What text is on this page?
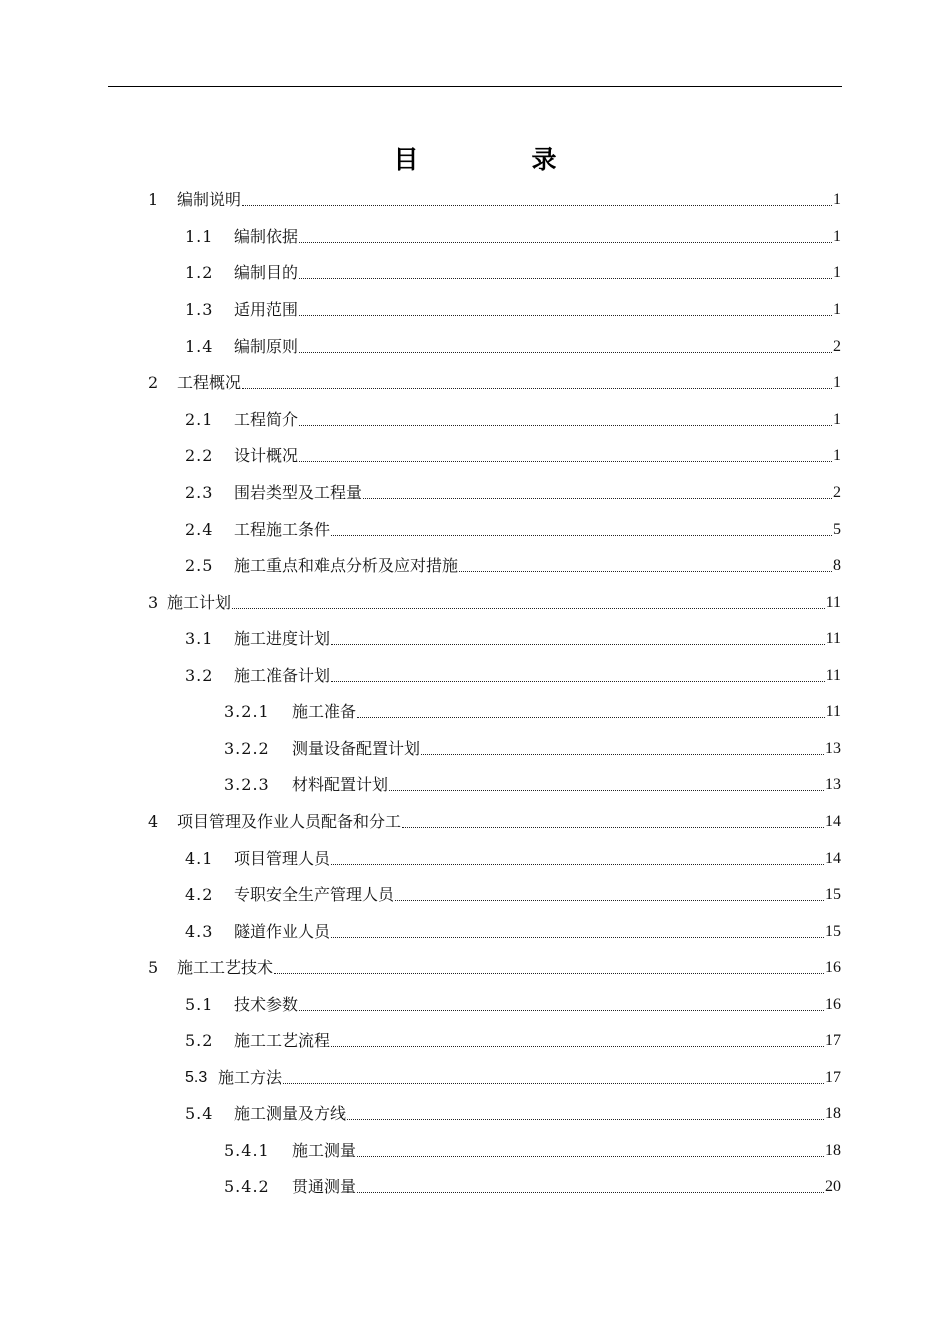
目　录
1	编制说明	1
1.1	编制依据	1
1.2	编制目的	1
1.3	适用范围	1
1.4	编制原则	2
2	工程概况	1
2.1	工程简介	1
2.2	设计概况	1
2.3	围岩类型及工程量	2
2.4	工程施工条件	5
2.5	施工重点和难点分析及应对措施	8
3 施工计划	11
3.1	施工进度计划	11
3.2	施工准备计划	11
3.2.1	施工准备	11
3.2.2	测量设备配置计划	13
3.2.3	材料配置计划	13
4	项目管理及作业人员配备和分工	14
4.1	项目管理人员	14
4.2	专职安全生产管理人员	15
4.3	隧道作业人员	15
5	施工工艺技术	16
5.1	技术参数	16
5.2	施工工艺流程	17
5.3 施工方法	17
5.4	施工测量及方线	18
5.4.1	施工测量	18
5.4.2	贯通测量	20
